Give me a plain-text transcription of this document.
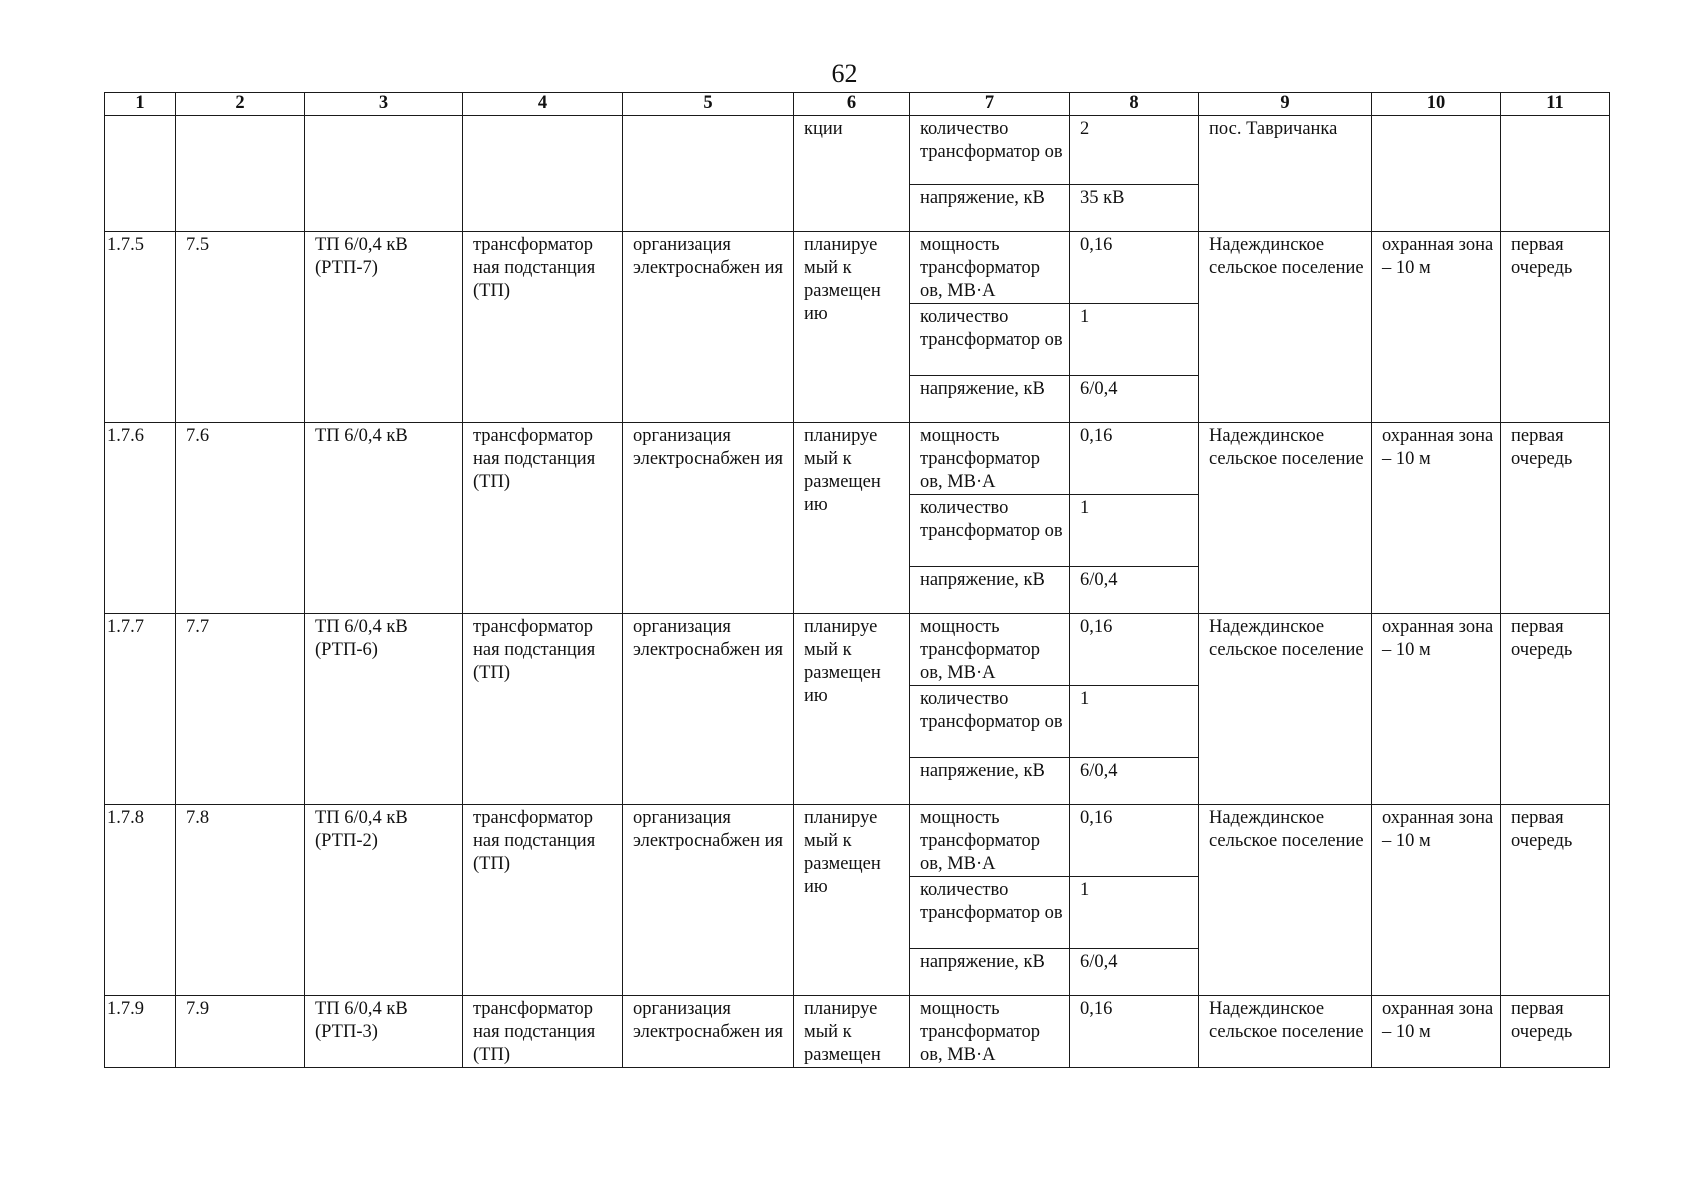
62
1	2	3	4	5	6	7	8	9	10	11
					кции	количество трансформатор ов	2	пос. Тавричанка		
						напряжение, кВ	35 кВ			
1.7.5	7.5	ТП 6/0,4 кВ (РТП-7)	трансформатор ная подстанция (ТП)	организация электроснабжен ия	планируе мый к размещен ию	мощность трансформатор ов, МВ·А	0,16	Надеждинское сельское поселение	охранная зона – 10 м	первая очередь
						количество трансформатор ов	1			
						напряжение, кВ	6/0,4			
1.7.6	7.6	ТП 6/0,4 кВ	трансформатор ная подстанция (ТП)	организация электроснабжен ия	планируе мый к размещен ию	мощность трансформатор ов, МВ·А	0,16	Надеждинское сельское поселение	охранная зона – 10 м	первая очередь
						количество трансформатор ов	1			
						напряжение, кВ	6/0,4			
1.7.7	7.7	ТП 6/0,4 кВ (РТП-6)	трансформатор ная подстанция (ТП)	организация электроснабжен ия	планируе мый к размещен ию	мощность трансформатор ов, МВ·А	0,16	Надеждинское сельское поселение	охранная зона – 10 м	первая очередь
						количество трансформатор ов	1			
						напряжение, кВ	6/0,4			
1.7.8	7.8	ТП 6/0,4 кВ (РТП-2)	трансформатор ная подстанция (ТП)	организация электроснабжен ия	планируе мый к размещен ию	мощность трансформатор ов, МВ·А	0,16	Надеждинское сельское поселение	охранная зона – 10 м	первая очередь
						количество трансформатор ов	1			
						напряжение, кВ	6/0,4			
1.7.9	7.9	ТП 6/0,4 кВ (РТП-3)	трансформатор ная подстанция (ТП)	организация электроснабжен ия	планируе мый к размещен	мощность трансформатор ов, МВ·А	0,16	Надеждинское сельское поселение	охранная зона – 10 м	первая очередь
